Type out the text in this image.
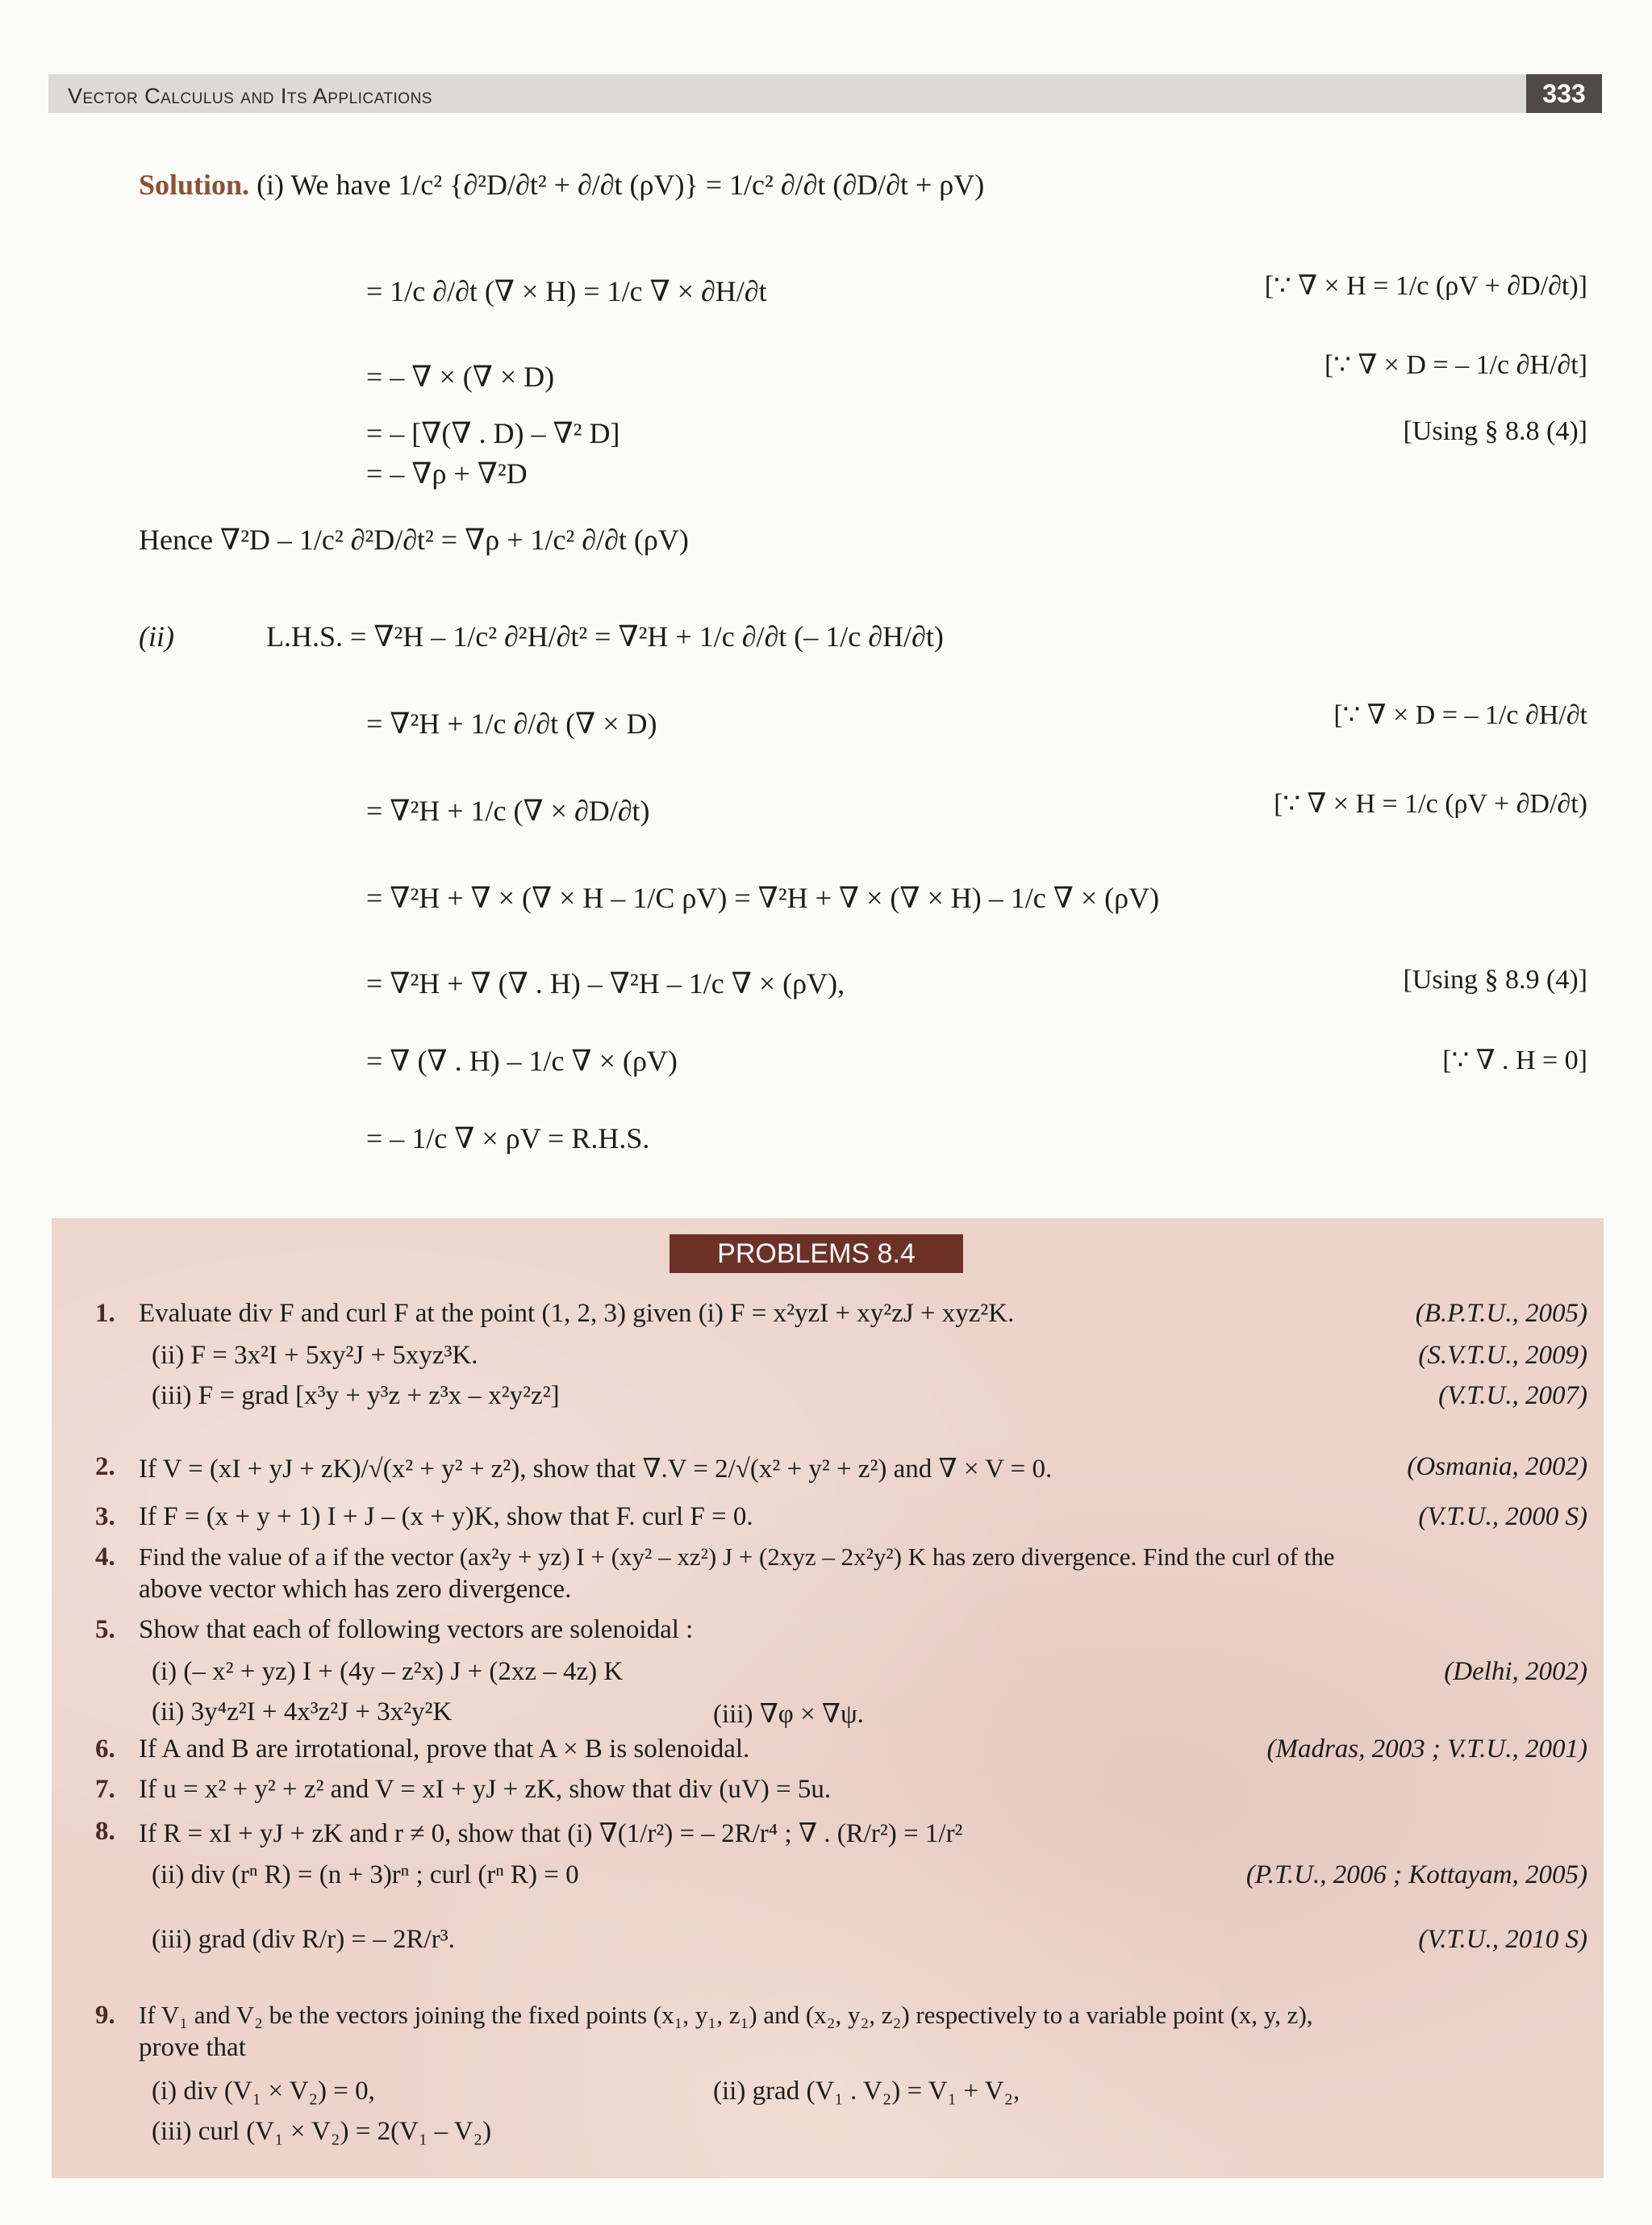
Vector Calculus and Its Applications	333
Solution. (i) We have 1/c² {∂²D/∂t² + ∂/∂t (ρV)} = 1/c² ∂/∂t (∂D/∂t + ρV)
= 1/c ∂/∂t (∇ × H) = 1/c ∇ × ∂H/∂t	[∵ ∇ × H = 1/c (ρV + ∂D/∂t)]
= – ∇ × (∇ × D)	[∵ ∇ × D = – 1/c ∂H/∂t]
= – [∇(∇ . D) – ∇² D]	[Using § 8.8 (4)]
= – ∇ρ + ∇²D
Hence ∇²D – 1/c² ∂²D/∂t² = ∇ρ + 1/c² ∂/∂t (ρV)
(ii)	L.H.S. = ∇²H – 1/c² ∂²H/∂t² = ∇²H + 1/c ∂/∂t (– 1/c ∂H/∂t)
= ∇²H + 1/c ∂/∂t (∇ × D)	[∵ ∇ × D = – 1/c ∂H/∂t
= ∇²H + 1/c (∇ × ∂D/∂t)	[∵ ∇ × H = 1/c (ρV + ∂D/∂t)
= ∇²H + ∇ × (∇ × H – 1/C ρV) = ∇²H + ∇ × (∇ × H) – 1/c ∇ × (ρV)
= ∇²H + ∇ (∇ . H) – ∇²H – 1/c ∇ × (ρV),	[Using § 8.9 (4)]
= ∇ (∇ . H) – 1/c ∇ × (ρV)	[∵ ∇ . H = 0]
= – 1/c ∇ × ρV = R.H.S.
PROBLEMS 8.4
1. Evaluate div F and curl F at the point (1, 2, 3) given (i) F = x²yzI + xy²zJ + xyz²K.	(B.P.T.U., 2005)
(ii) F = 3x²I + 5xy²J + 5xyz³K.	(S.V.T.U., 2009)
(iii) F = grad [x³y + y³z + z³x – x²y²z²]	(V.T.U., 2007)
2. If V = (xI + yJ + zK)/√(x² + y² + z²), show that ∇.V = 2/√(x² + y² + z²) and ∇ × V = 0.	(Osmania, 2002)
3. If F = (x + y + 1) I + J – (x + y)K, show that F. curl F = 0.	(V.T.U., 2000 S)
4. Find the value of a if the vector (ax²y + yz) I + (xy² – xz²) J + (2xyz – 2x²y²) K has zero divergence. Find the curl of the
above vector which has zero divergence.
5. Show that each of following vectors are solenoidal :
(i) (– x² + yz) I + (4y – z²x) J + (2xz – 4z) K	(Delhi, 2002)
(ii) 3y⁴z²I + 4x³z²J + 3x²y²K	(iii) ∇φ × ∇ψ.
6. If A and B are irrotational, prove that A × B is solenoidal.	(Madras, 2003 ; V.T.U., 2001)
7. If u = x² + y² + z² and V = xI + yJ + zK, show that div (uV) = 5u.
8. If R = xI + yJ + zK and r ≠ 0, show that (i) ∇(1/r²) = – 2R/r⁴ ; ∇ . (R/r²) = 1/r²
(ii) div (rⁿ R) = (n + 3)rⁿ ; curl (rⁿ R) = 0	(P.T.U., 2006 ; Kottayam, 2005)
(iii) grad (div R/r) = – 2R/r³.	(V.T.U., 2010 S)
9. If V₁ and V₂ be the vectors joining the fixed points (x₁, y₁, z₁) and (x₂, y₂, z₂) respectively to a variable point (x, y, z),
prove that
(i) div (V₁ × V₂) = 0,	(ii) grad (V₁ . V₂) = V₁ + V₂,
(iii) curl (V₁ × V₂) = 2(V₁ – V₂)
